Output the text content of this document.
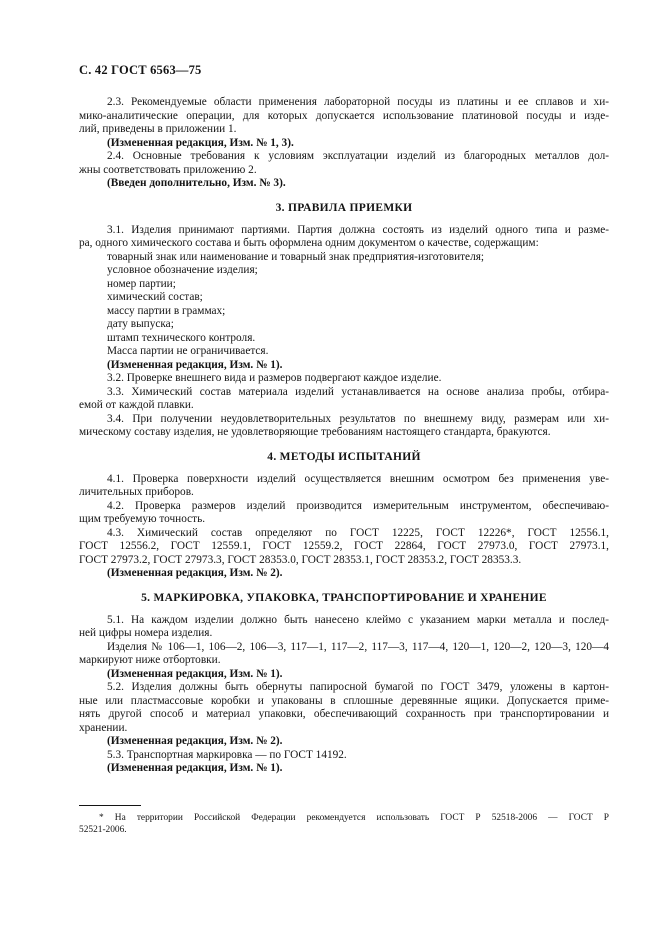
С. 42 ГОСТ 6563—75
2.3. Рекомендуемые области применения лабораторной посуды из платины и ее сплавов и хи-
мико-аналитические операции, для которых допускается использование платиновой посуды и изде-
лий, приведены в приложении 1.
(Измененная редакция, Изм. № 1, 3).
2.4. Основные требования к условиям эксплуатации изделий из благородных металлов дол-
жны соответствовать приложению 2.
(Введен дополнительно, Изм. № 3).
3. ПРАВИЛА ПРИЕМКИ
3.1. Изделия принимают партиями. Партия должна состоять из изделий одного типа и разме-
ра, одного химического состава и быть оформлена одним документом о качестве, содержащим:
товарный знак или наименование и товарный знак предприятия-изготовителя;
условное обозначение изделия;
номер партии;
химический состав;
массу партии в граммах;
дату выпуска;
штамп технического контроля.
Масса партии не ограничивается.
(Измененная редакция, Изм. № 1).
3.2. Проверке внешнего вида и размеров подвергают каждое изделие.
3.3. Химический состав материала изделий устанавливается на основе анализа пробы, отбира-
емой от каждой плавки.
3.4. При получении неудовлетворительных результатов по внешнему виду, размерам или хи-
мическому составу изделия, не удовлетворяющие требованиям настоящего стандарта, бракуются.
4. МЕТОДЫ ИСПЫТАНИЙ
4.1. Проверка поверхности изделий осуществляется внешним осмотром без применения уве-
личительных приборов.
4.2. Проверка размеров изделий производится измерительным инструментом, обеспечиваю-
щим требуемую точность.
4.3. Химический состав определяют по ГОСТ 12225, ГОСТ 12226*, ГОСТ 12556.1,
ГОСТ 12556.2, ГОСТ 12559.1, ГОСТ 12559.2, ГОСТ 22864, ГОСТ 27973.0, ГОСТ 27973.1,
ГОСТ 27973.2, ГОСТ 27973.3, ГОСТ 28353.0, ГОСТ 28353.1, ГОСТ 28353.2, ГОСТ 28353.3.
(Измененная редакция, Изм. № 2).
5. МАРКИРОВКА, УПАКОВКА, ТРАНСПОРТИРОВАНИЕ И ХРАНЕНИЕ
5.1. На каждом изделии должно быть нанесено клеймо с указанием марки металла и послед-
ней цифры номера изделия.
Изделия № 106—1, 106—2, 106—3, 117—1, 117—2, 117—3, 117—4, 120—1, 120—2, 120—3, 120—4
маркируют ниже отбортовки.
(Измененная редакция, Изм. № 1).
5.2. Изделия должны быть обернуты папиросной бумагой по ГОСТ 3479, уложены в картон-
ные или пластмассовые коробки и упакованы в сплошные деревянные ящики. Допускается приме-
нять другой способ и материал упаковки, обеспечивающий сохранность при транспортировании и
хранении.
(Измененная редакция, Изм. № 2).
5.3. Транспортная маркировка — по ГОСТ 14192.
(Измененная редакция, Изм. № 1).
* На территории Российской Федерации рекомендуется использовать ГОСТ Р 52518-2006 — ГОСТ Р
52521-2006.
